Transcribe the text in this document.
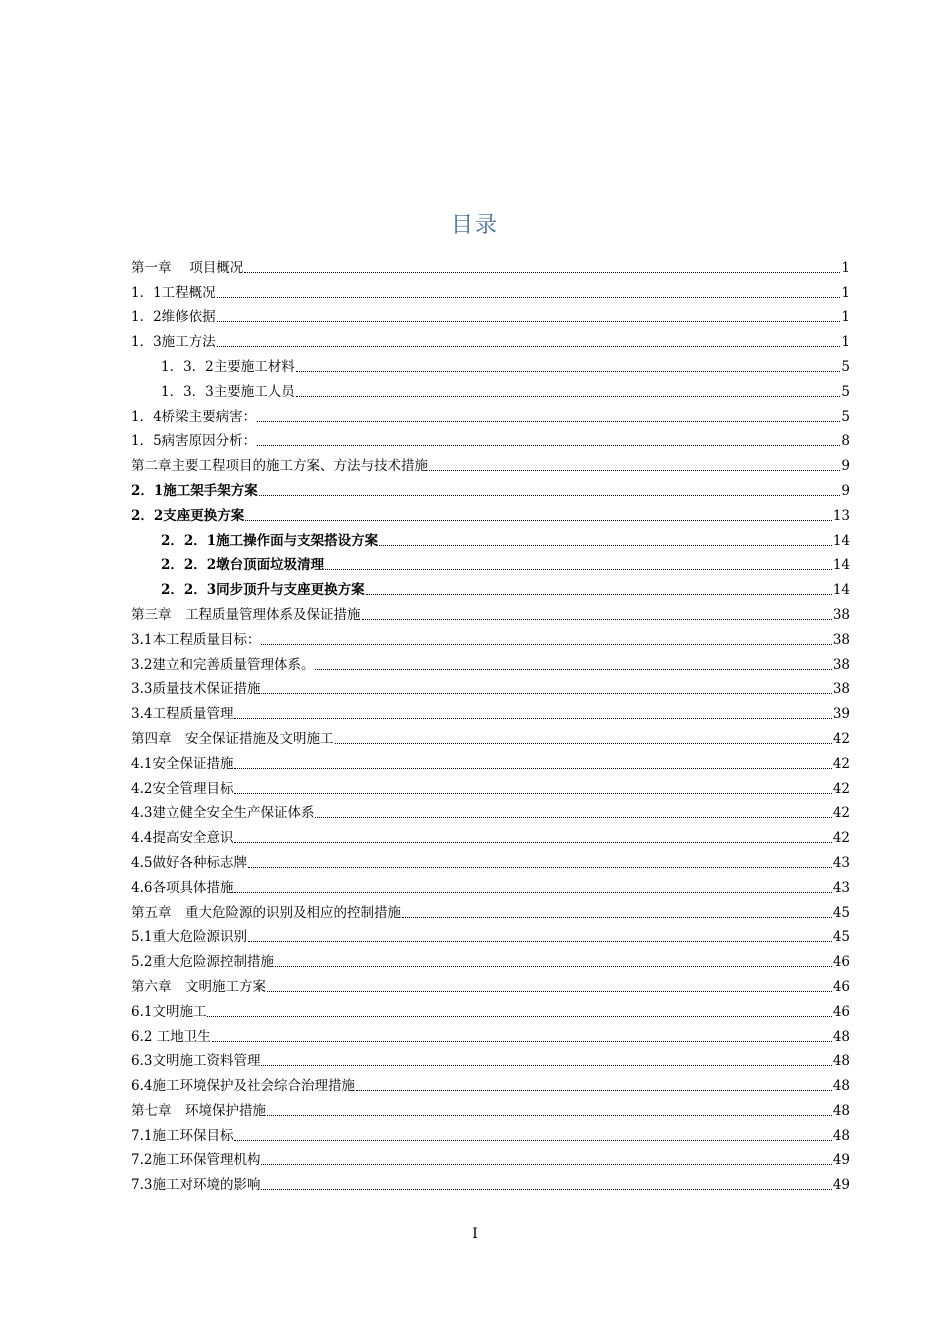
目录
第一章　 项目概况	1
1．1工程概况	1
1．2维修依据	1
1．3施工方法	1
1．3．2主要施工材料	5
1．3．3主要施工人员	5
1．4桥梁主要病害：	5
1．5病害原因分析：	8
第二章主要工程项目的施工方案、方法与技术措施	9
2．1施工架手架方案	9
2．2支座更换方案	13
2．2．1施工操作面与支架搭设方案	14
2．2．2墩台顶面垃圾清理	14
2．2．3同步顶升与支座更换方案	14
第三章　工程质量管理体系及保证措施	38
3.1本工程质量目标：	38
3.2建立和完善质量管理体系。	38
3.3质量技术保证措施	38
3.4工程质量管理	39
第四章　安全保证措施及文明施工	42
4.1安全保证措施	42
4.2安全管理目标	42
4.3建立健全安全生产保证体系	42
4.4提高安全意识	42
4.5做好各种标志牌	43
4.6各项具体措施	43
第五章　重大危险源的识别及相应的控制措施	45
5.1重大危险源识别	45
5.2重大危险源控制措施	46
第六章　文明施工方案	46
6.1文明施工	46
6.2 工地卫生	48
6.3文明施工资料管理	48
6.4施工环境保护及社会综合治理措施	48
第七章　环境保护措施	48
7.1施工环保目标	48
7.2施工环保管理机构	49
7.3施工对环境的影响	49
I
